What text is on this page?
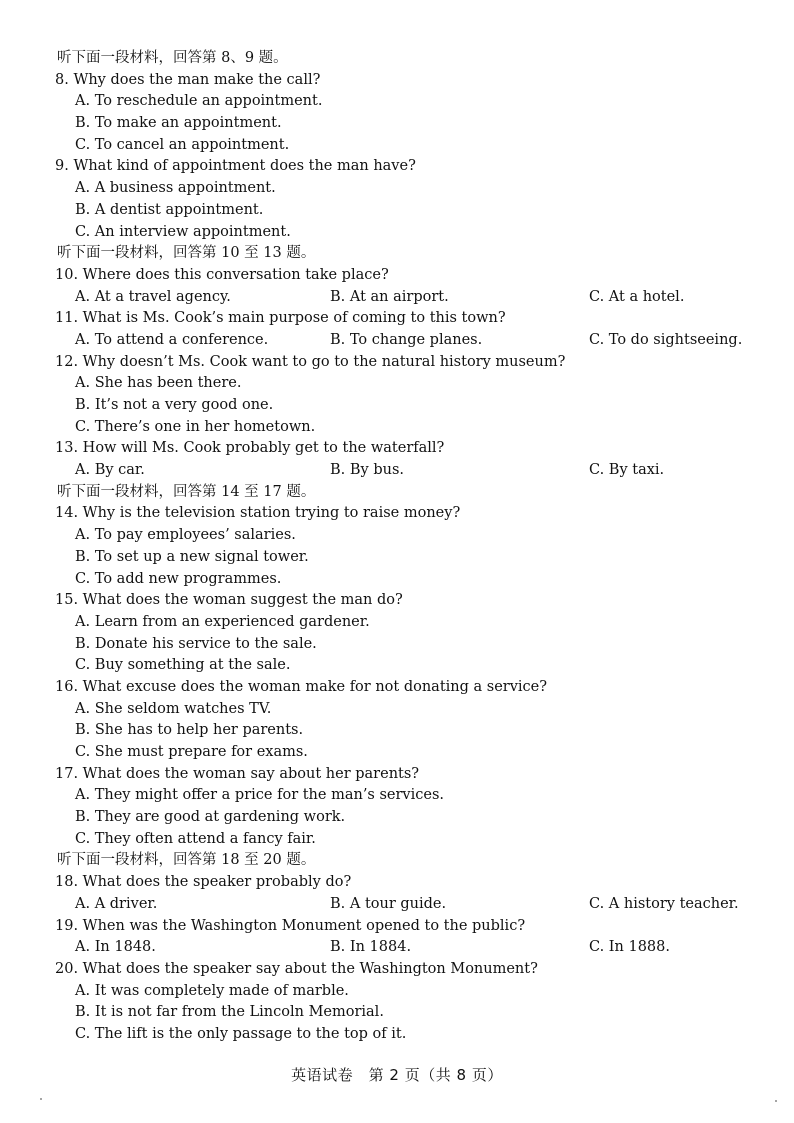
听下面一段材料，回答第 8、9 题。
8. Why does the man make the call?
A. To reschedule an appointment.
B. To make an appointment.
C. To cancel an appointment.
9. What kind of appointment does the man have?
A. A business appointment.
B. A dentist appointment.
C. An interview appointment.
听下面一段材料，回答第 10 至 13 题。
10. Where does this conversation take place?
A. At a travel agency.	B. At an airport.	C. At a hotel.
11. What is Ms. Cook’s main purpose of coming to this town?
A. To attend a conference.	B. To change planes.	C. To do sightseeing.
12. Why doesn’t Ms. Cook want to go to the natural history museum?
A. She has been there.
B. It’s not a very good one.
C. There’s one in her hometown.
13. How will Ms. Cook probably get to the waterfall?
A. By car.	B. By bus.	C. By taxi.
听下面一段材料，回答第 14 至 17 题。
14. Why is the television station trying to raise money?
A. To pay employees’ salaries.
B. To set up a new signal tower.
C. To add new programmes.
15. What does the woman suggest the man do?
A. Learn from an experienced gardener.
B. Donate his service to the sale.
C. Buy something at the sale.
16. What excuse does the woman make for not donating a service?
A. She seldom watches TV.
B. She has to help her parents.
C. She must prepare for exams.
17. What does the woman say about her parents?
A. They might offer a price for the man’s services.
B. They are good at gardening work.
C. They often attend a fancy fair.
听下面一段材料，回答第 18 至 20 题。
18. What does the speaker probably do?
A. A driver.	B. A tour guide.	C. A history teacher.
19. When was the Washington Monument opened to the public?
A. In 1848.	B. In 1884.	C. In 1888.
20. What does the speaker say about the Washington Monument?
A. It was completely made of marble.
B. It is not far from the Lincoln Memorial.
C. The lift is the only passage to the top of it.
英语试卷　第 2 页（共 8 页）
